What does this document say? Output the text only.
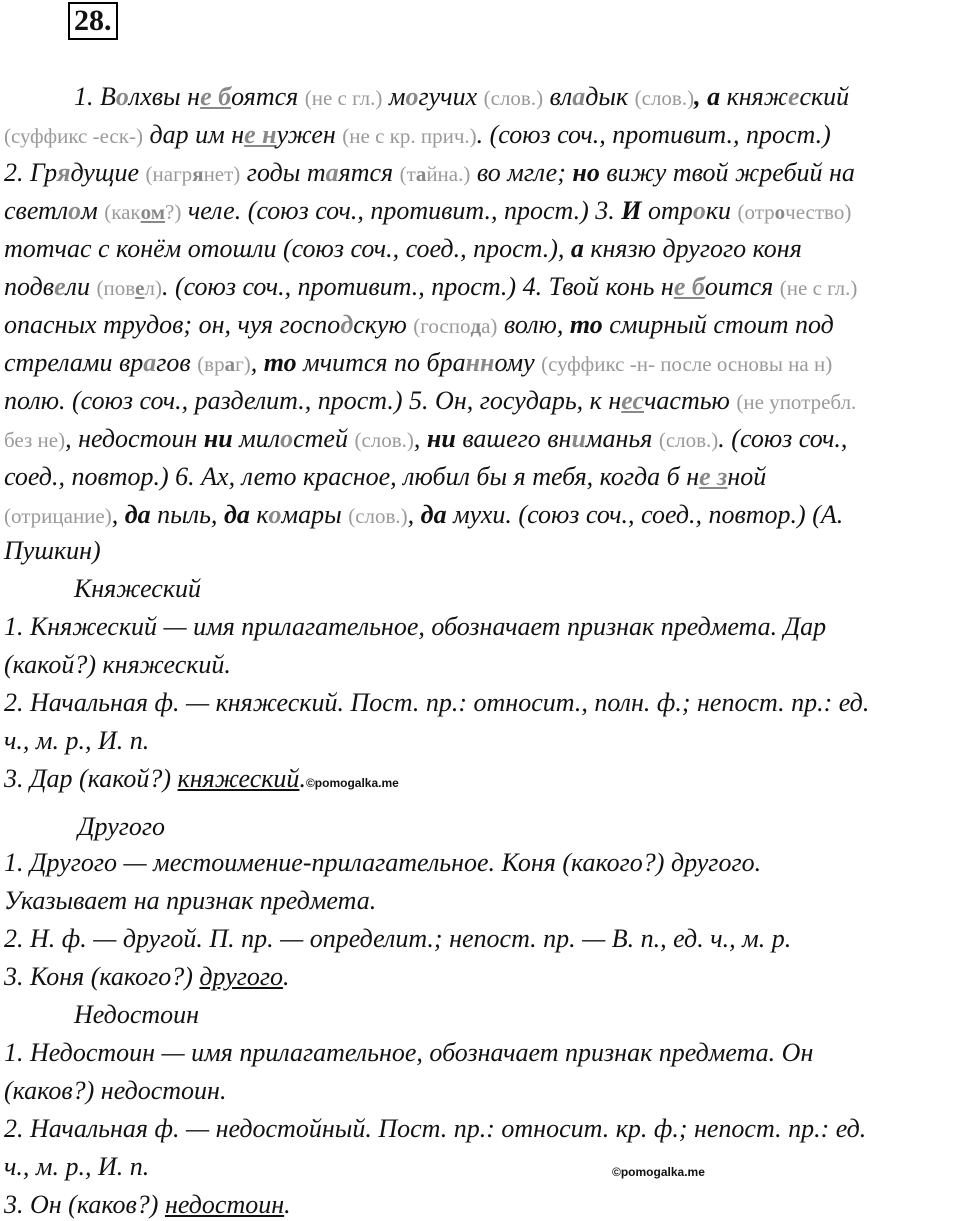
28.
1. Волхвы не боятся (не с гл.) могучих (слов.) владык (слов.), а княжеский
(суффикс -еск-) дар им не нужен (не с кр. прич.). (союз соч., противит., прост.)
2. Грядущие (нагрянет) годы таятся (тайна.) во мгле; но вижу твой жребий на
светлом (каком?) челе. (союз соч., противит., прост.) 3. И отроки (отрочество)
тотчас с конём отошли (союз соч., соед., прост.), а князю другого коня
подвели (повел). (союз соч., противит., прост.) 4. Твой конь не боится (не с гл.)
опасных трудов; он, чуя господскую (господа) волю, то смирный стоит под
стрелами врагов (враг), то мчится по бранному (суффикс -н- после основы на н)
полю. (союз соч., разделит., прост.) 5. Он, государь, к несчастью (не употребл.
без не), недостоин ни милостей (слов.), ни вашего вниманья (слов.). (союз соч.,
соед., повтор.) 6. Ах, лето красное, любил бы я тебя, когда б не зной
(отрицание), да пыль, да комары (слов.), да мухи. (союз соч., соед., повтор.) (А.
Пушкин)
Княжеский
1. Княжеский — имя прилагательное, обозначает признак предмета. Дар
(какой?) княжеский.
2. Начальная ф. — княжеский. Пост. пр.: относит., полн. ф.; непост. пр.: ед.
ч., м. р., И. п.
3. Дар (какой?) княжеский.©pomogalka.me
Другого
1. Другого — местоимение-прилагательное. Коня (какого?) другого.
Указывает на признак предмета.
2. Н. ф. — другой. П. пр. — определит.; непост. пр. — В. п., ед. ч., м. р.
3. Коня (какого?) другого.
Недостоин
1. Недостоин — имя прилагательное, обозначает признак предмета. Он
(каков?) недостоин.
2. Начальная ф. — недостойный. Пост. пр.: относит. кр. ф.; непост. пр.: ед.
ч., м. р., И. п.
3. Он (каков?) недостоин.
©pomogalka.me
